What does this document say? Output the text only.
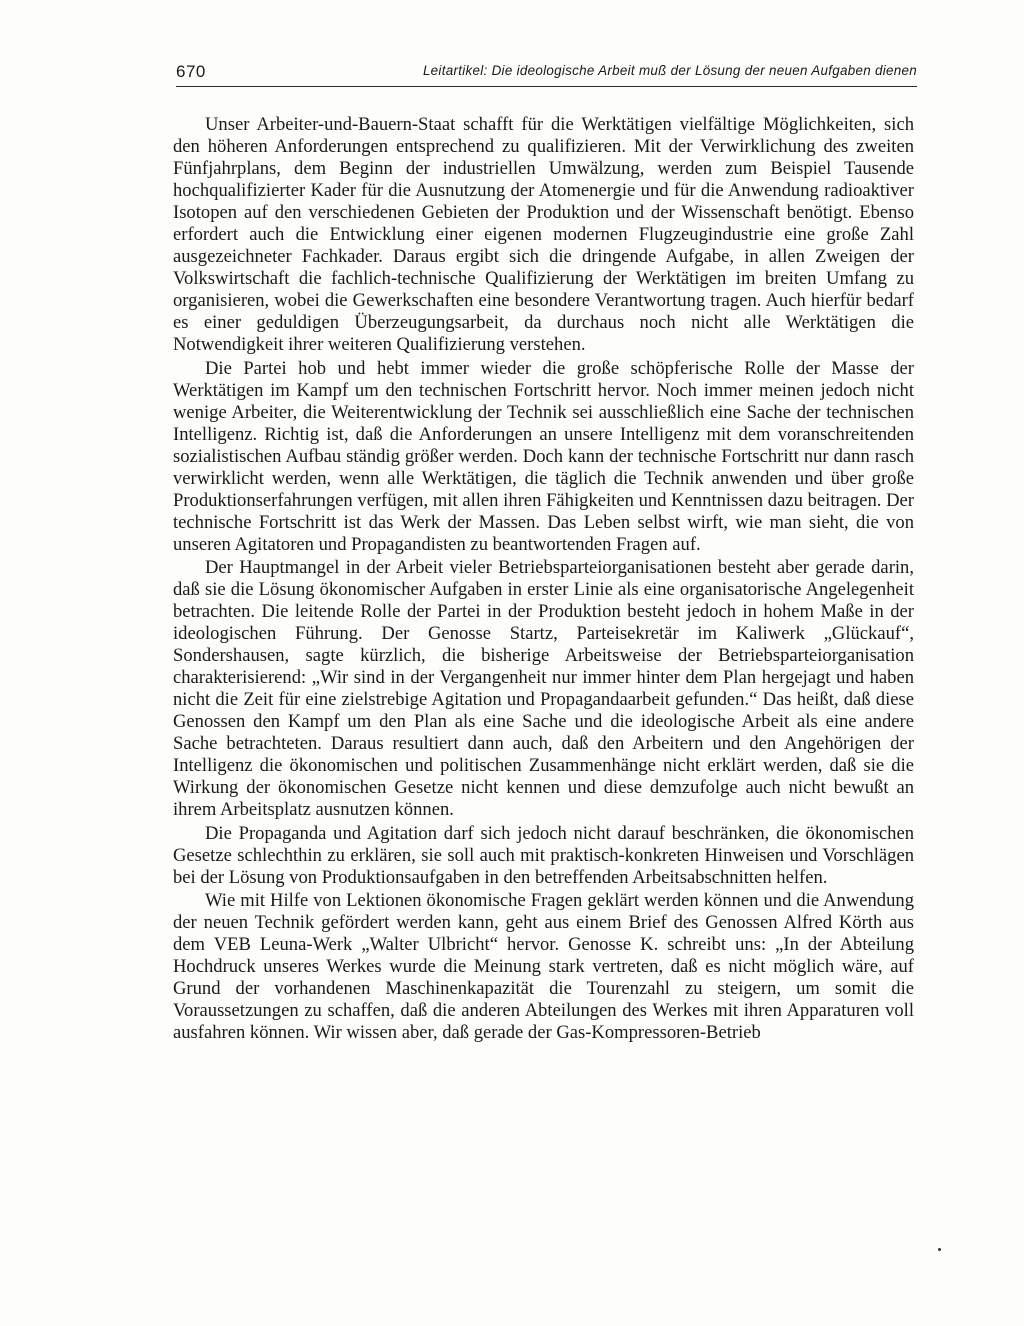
670	Leitartikel: Die ideologische Arbeit muß der Lösung der neuen Aufgaben dienen

Unser Arbeiter-und-Bauern-Staat schafft für die Werktätigen vielfältige Möglichkeiten, sich den höheren Anforderungen entsprechend zu qualifizieren. Mit der Verwirklichung des zweiten Fünfjahrplans, dem Beginn der industriellen Umwälzung, werden zum Beispiel Tausende hochqualifizierter Kader für die Ausnutzung der Atomenergie und für die Anwendung radioaktiver Isotopen auf den verschiedenen Gebieten der Produktion und der Wissenschaft benötigt. Ebenso erfordert auch die Entwicklung einer eigenen modernen Flugzeugindustrie eine große Zahl ausgezeichneter Fachkader. Daraus ergibt sich die dringende Aufgabe, in allen Zweigen der Volkswirtschaft die fachlich-technische Qualifizierung der Werktätigen im breiten Umfang zu organisieren, wobei die Gewerkschaften eine besondere Verantwortung tragen. Auch hierfür bedarf es einer geduldigen Überzeugungsarbeit, da durchaus noch nicht alle Werktätigen die Notwendigkeit ihrer weiteren Qualifizierung verstehen.

Die Partei hob und hebt immer wieder die große schöpferische Rolle der Masse der Werktätigen im Kampf um den technischen Fortschritt hervor. Noch immer meinen jedoch nicht wenige Arbeiter, die Weiterentwicklung der Technik sei ausschließlich eine Sache der technischen Intelligenz. Richtig ist, daß die Anforderungen an unsere Intelligenz mit dem voranschreitenden sozialistischen Aufbau ständig größer werden. Doch kann der technische Fortschritt nur dann rasch verwirklicht werden, wenn alle Werktätigen, die täglich die Technik anwenden und über große Produktionserfahrungen verfügen, mit allen ihren Fähigkeiten und Kenntnissen dazu beitragen. Der technische Fortschritt ist das Werk der Massen. Das Leben selbst wirft, wie man sieht, die von unseren Agitatoren und Propagandisten zu beantwortenden Fragen auf.

Der Hauptmangel in der Arbeit vieler Betriebsparteiorganisationen besteht aber gerade darin, daß sie die Lösung ökonomischer Aufgaben in erster Linie als eine organisatorische Angelegenheit betrachten. Die leitende Rolle der Partei in der Produktion besteht jedoch in hohem Maße in der ideologischen Führung. Der Genosse Startz, Parteisekretär im Kaliwerk „Glückauf“, Sondershausen, sagte kürzlich, die bisherige Arbeitsweise der Betriebsparteiorganisation charakterisierend: „Wir sind in der Vergangenheit nur immer hinter dem Plan hergejagt und haben nicht die Zeit für eine zielstrebige Agitation und Propagandaarbeit gefunden.“ Das heißt, daß diese Genossen den Kampf um den Plan als eine Sache und die ideologische Arbeit als eine andere Sache betrachteten. Daraus resultiert dann auch, daß den Arbeitern und den Angehörigen der Intelligenz die ökonomischen und politischen Zusammenhänge nicht erklärt werden, daß sie die Wirkung der ökonomischen Gesetze nicht kennen und diese demzufolge auch nicht bewußt an ihrem Arbeitsplatz ausnutzen können.

Die Propaganda und Agitation darf sich jedoch nicht darauf beschränken, die ökonomischen Gesetze schlechthin zu erklären, sie soll auch mit praktisch-konkreten Hinweisen und Vorschlägen bei der Lösung von Produktionsaufgaben in den betreffenden Arbeitsabschnitten helfen.

Wie mit Hilfe von Lektionen ökonomische Fragen geklärt werden können und die Anwendung der neuen Technik gefördert werden kann, geht aus einem Brief des Genossen Alfred Körth aus dem VEB Leuna-Werk „Walter Ulbricht“ hervor. Genosse K. schreibt uns: „In der Abteilung Hochdruck unseres Werkes wurde die Meinung stark vertreten, daß es nicht möglich wäre, auf Grund der vorhandenen Maschinenkapazität die Tourenzahl zu steigern, um somit die Voraussetzungen zu schaffen, daß die anderen Abteilungen des Werkes mit ihren Apparaturen voll ausfahren können. Wir wissen aber, daß gerade der Gas-Kompressoren-Betrieb
